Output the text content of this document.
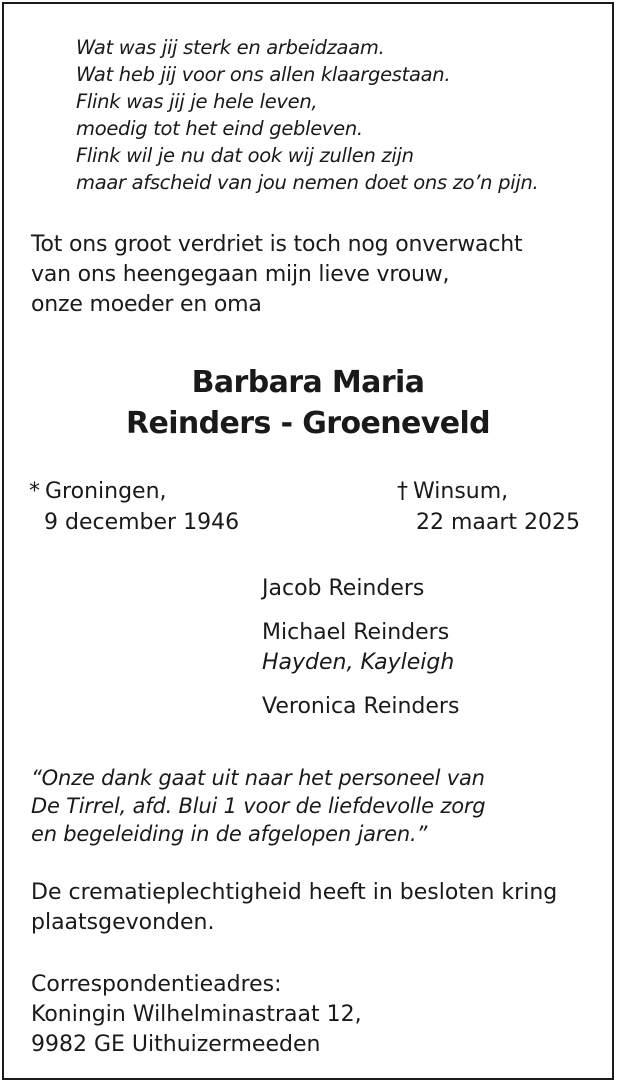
Wat was jij sterk en arbeidzaam.
Wat heb jij voor ons allen klaargestaan.
Flink was jij je hele leven,
moedig tot het eind gebleven.
Flink wil je nu dat ook wij zullen zijn
maar afscheid van jou nemen doet ons zo’n pijn.
Tot ons groot verdriet is toch nog onverwacht
van ons heengegaan mijn lieve vrouw,
onze moeder en oma
Barbara Maria
Reinders - Groeneveld
* Groningen,
9 december 1946
† Winsum,
22 maart 2025
Jacob Reinders
Michael Reinders
Hayden, Kayleigh
Veronica Reinders
“Onze dank gaat uit naar het personeel van
De Tirrel, afd. Blui 1 voor de liefdevolle zorg
en begeleiding in de afgelopen jaren.”
De crematieplechtigheid heeft in besloten kring
plaatsgevonden.
Correspondentieadres:
Koningin Wilhelminastraat 12,
9982 GE Uithuizermeeden
